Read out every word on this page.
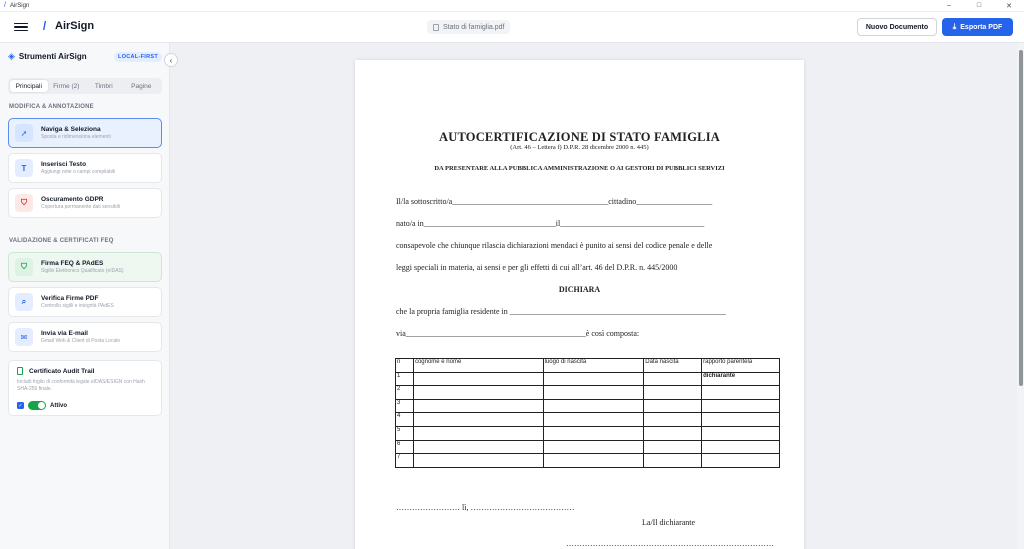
/ AirSign	–	□	✕
/ AirSign	Stato di famiglia.pdf	Nuovo Documento	⤓ Esporta PDF
◈ Strumenti AirSign	LOCAL-FIRST
Principali	Firme (2)	Timbri	Pagine
MODIFICA & ANNOTAZIONE
➚	Naviga & Seleziona
Sposta e ridimensiona elementi
T	Inserisci Testo
Aggiungi note o campi compilabili
⛉	Oscuramento GDPR
Copertura permanente dati sensibili
VALIDAZIONE & CERTIFICATI FEQ
⛉	Firma FEQ & PAdES
Sigillo Elettronico Qualificato (eIDAS)
⌕	Verifica Firme PDF
Controllo sigilli e integrità PAdES
✉	Invia via E-mail
Gmail Web & Client di Posta Locale
Certificato Audit Trail
Includi foglio di conformità legale eIDAS/ESIGN con Hash SHA-256 finale.
✓	Attivo
‹
AUTOCERTIFICAZIONE DI STATO FAMIGLIA
(Art. 46 – Lettera f) D.P.R. 28 dicembre 2000 n. 445)
DA PRESENTARE ALLA PUBBLICA AMMINISTRAZIONE O AI GESTORI DI PUBBLICI SERVIZI
Il/la sottoscritto/a_______________________________________cittadino___________________
nato/a in_________________________________il____________________________________
consapevole che chiunque rilascia dichiarazioni mendaci è punito ai sensi del codice penale e delle
leggi speciali in materia, ai sensi e per gli effetti di cui all’art. 46 del D.P.R. n. 445/2000
DICHIARA
che la propria famiglia residente in ______________________________________________________
via_____________________________________________è così composta:
n	cognome e nome	luogo di nascita	Data nascita	rapporto parentela
1				dichiarante
2				
3				
4				
5				
6				
7				
…………………… lì, …………………………………
La/Il dichiarante
……………………………………………………………………
